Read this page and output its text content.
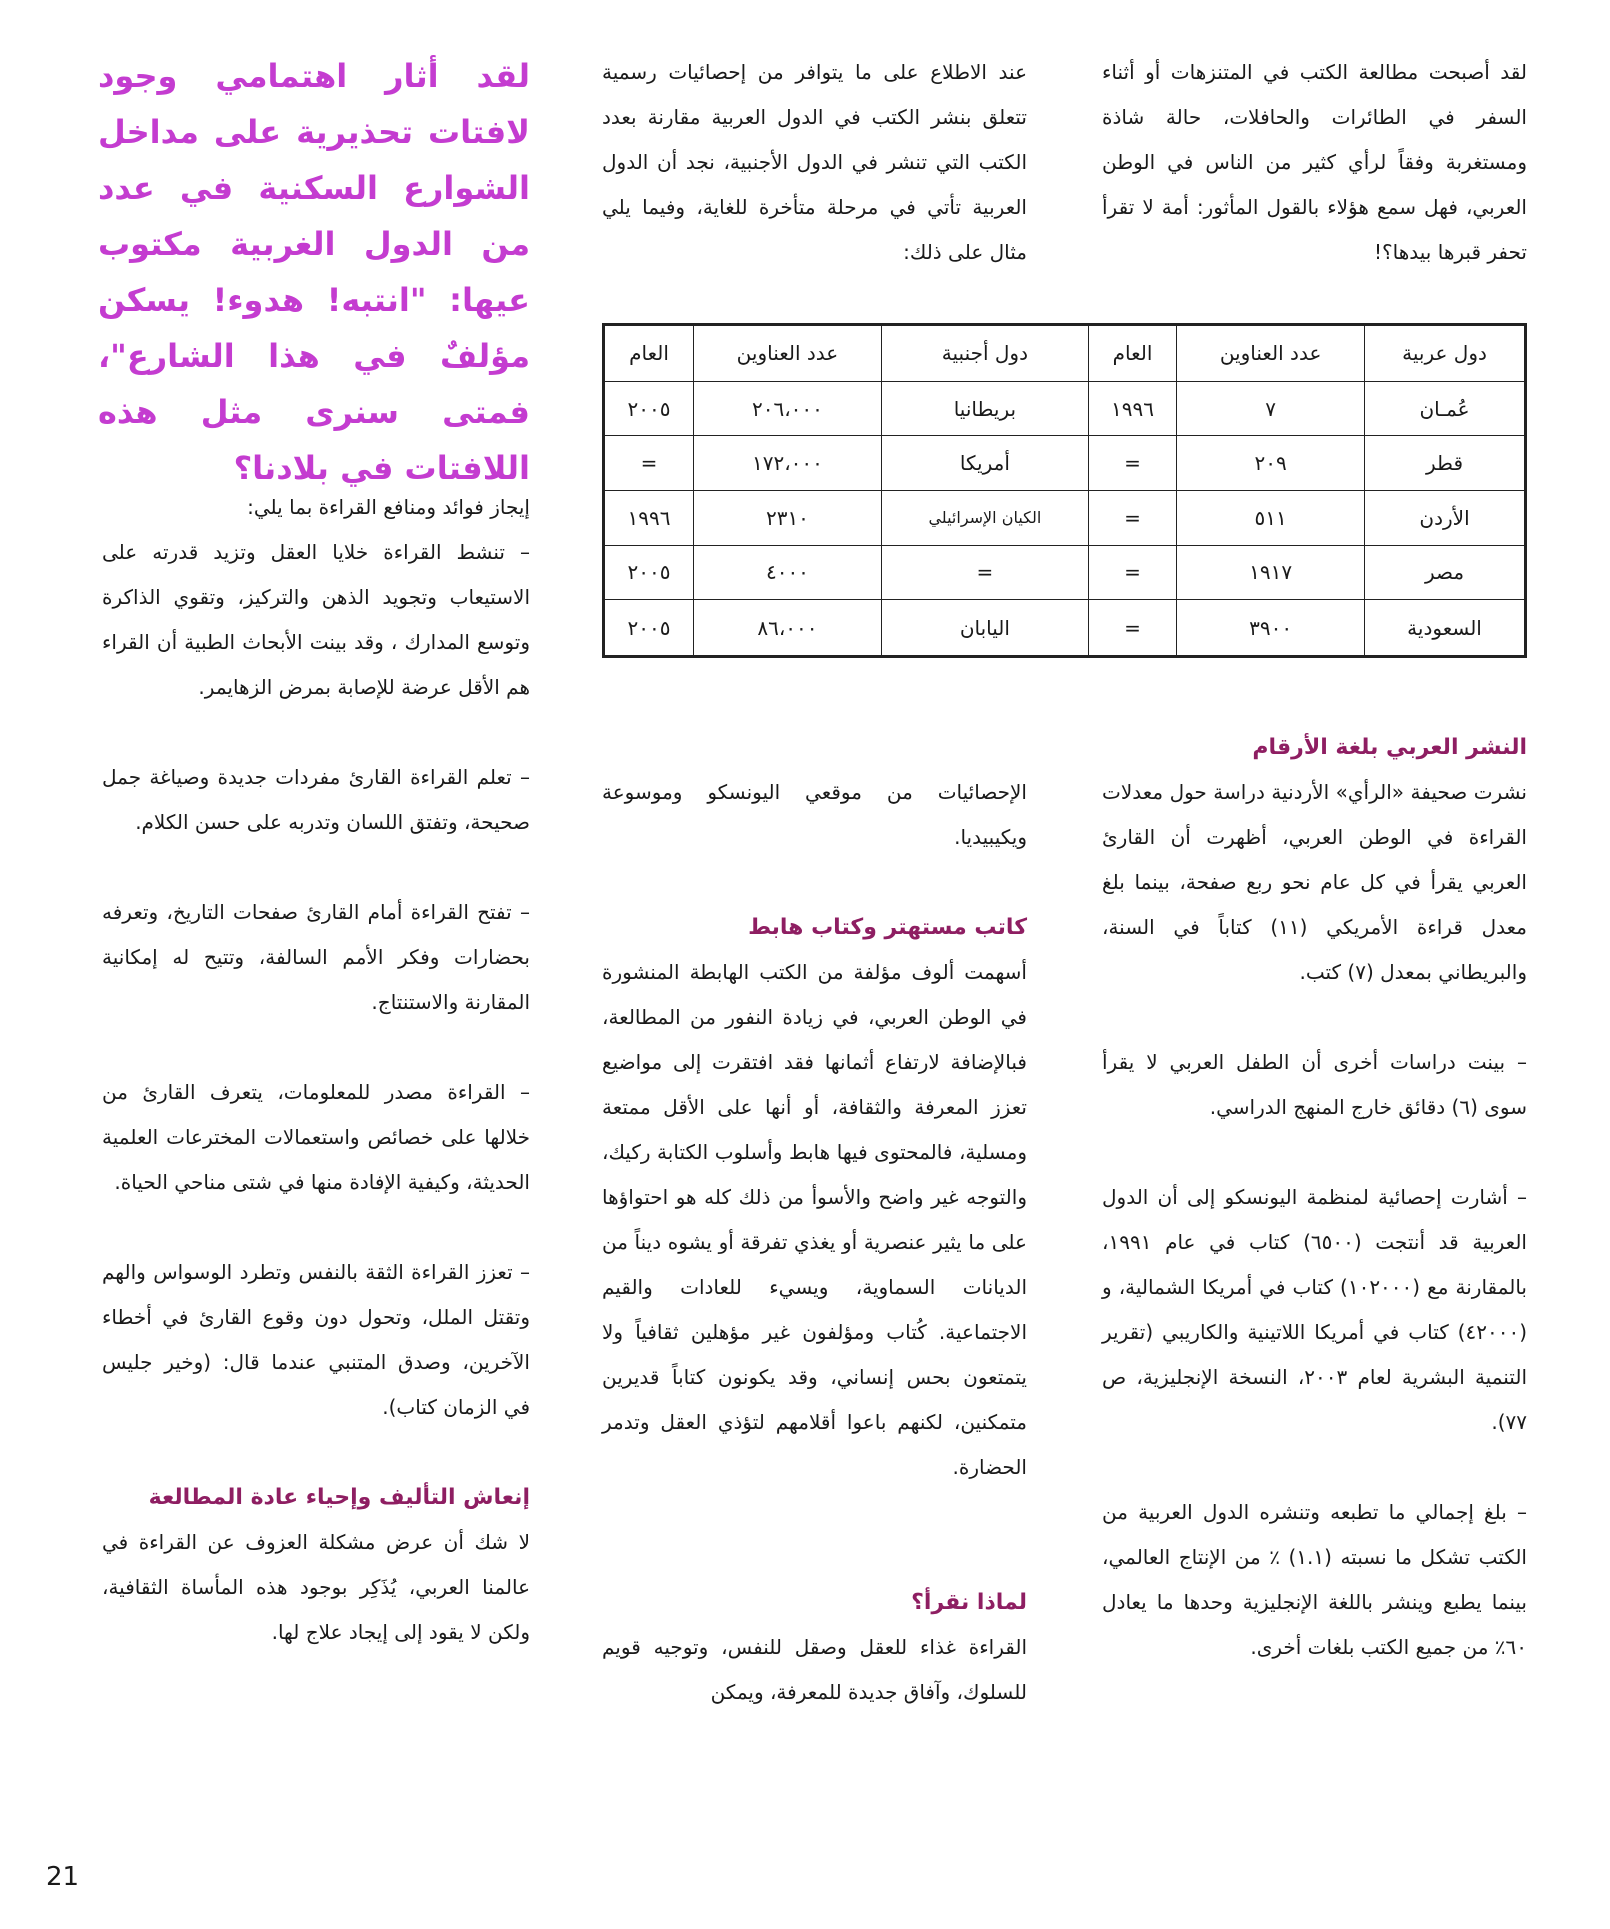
لقد أصبحت مطالعة الكتب في المتنزهات أو أثناء السفر في الطائرات والحافلات، حالة شاذة ومستغربة وفقاً لرأي كثير من الناس في الوطن العربي، فهل سمع هؤلاء بالقول المأثور: أمة لا تقرأ تحفر قبرها بيدها؟!

النشر العربي بلغة الأرقام

نشرت صحيفة «الرأي» الأردنية دراسة حول معدلات القراءة في الوطن العربي، أظهرت أن القارئ العربي يقرأ في كل عام نحو ربع صفحة، بينما بلغ معدل قراءة الأمريكي (١١) كتاباً في السنة، والبريطاني بمعدل (٧) كتب.

– بينت دراسات أخرى أن الطفل العربي لا يقرأ سوى (٦) دقائق خارج المنهج الدراسي.

– أشارت إحصائية لمنظمة اليونسكو إلى أن الدول العربية قد أنتجت (٦٥٠٠) كتاب في عام ١٩٩١، بالمقارنة مع (١٠٢٠٠٠) كتاب في أمريكا الشمالية، و (٤٢٠٠٠) كتاب في أمريكا اللاتينية والكاريبي (تقرير التنمية البشرية لعام ٢٠٠٣، النسخة الإنجليزية، ص ٧٧).

– بلغ إجمالي ما تطبعه وتنشره الدول العربية من الكتب تشكل ما نسبته (١.١) ٪ من الإنتاج العالمي، بينما يطبع وينشر باللغة الإنجليزية وحدها ما يعادل ٦٠٪ من جميع الكتب بلغات أخرى.

عند الاطلاع على ما يتوافر من إحصائيات رسمية تتعلق بنشر الكتب في الدول العربية مقارنة بعدد الكتب التي تنشر في الدول الأجنبية، نجد أن الدول العربية تأتي في مرحلة متأخرة للغاية، وفيما يلي مثال على ذلك:

الإحصائيات من موقعي اليونسكو وموسوعة ويكيبيديا.

كاتب مستهتر وكتاب هابط

أسهمت ألوف مؤلفة من الكتب الهابطة المنشورة في الوطن العربي، في زيادة النفور من المطالعة، فبالإضافة لارتفاع أثمانها فقد افتقرت إلى مواضيع تعزز المعرفة والثقافة، أو أنها على الأقل ممتعة ومسلية، فالمحتوى فيها هابط وأسلوب الكتابة ركيك، والتوجه غير واضح والأسوأ من ذلك كله هو احتواؤها على ما يثير عنصرية أو يغذي تفرقة أو يشوه ديناً من الديانات السماوية، ويسيء للعادات والقيم الاجتماعية. كُتاب ومؤلفون غير مؤهلين ثقافياً ولا يتمتعون بحس إنساني، وقد يكونون كتاباً قديرين متمكنين، لكنهم باعوا أقلامهم لتؤذي العقل وتدمر الحضارة.

لماذا نقرأ؟

القراءة غذاء للعقل وصقل للنفس، وتوجيه قويم للسلوك، وآفاق جديدة للمعرفة، ويمكن

دول عربية	عدد العناوين	العام	دول أجنبية	عدد العناوين	العام
عُمـان	٧	١٩٩٦	بريطانيا	٢٠٦،٠٠٠	٢٠٠٥
قطر	٢٠٩	=	أمريكا	١٧٢،٠٠٠	=
الأردن	٥١١	=	الكيان الإسرائيلي	٢٣١٠	١٩٩٦
مصر	١٩١٧	=	=	٤٠٠٠	٢٠٠٥
السعودية	٣٩٠٠	=	اليابان	٨٦،٠٠٠	٢٠٠٥

لقد أثار اهتمامي وجود لافتات تحذيرية على مداخل الشوارع السكنية في عدد من الدول الغربية مكتوب عيها: "انتبه! هدوء! يسكن مؤلفٌ في هذا الشارع"، فمتى سنرى مثل هذه اللافتات في بلادنا؟

إيجاز فوائد ومنافع القراءة بما يلي:

– تنشط القراءة خلايا العقل وتزيد قدرته على الاستيعاب وتجويد الذهن والتركيز، وتقوي الذاكرة وتوسع المدارك ، وقد بينت الأبحاث الطبية أن القراء هم الأقل عرضة للإصابة بمرض الزهايمر.

– تعلم القراءة القارئ مفردات جديدة وصياغة جمل صحيحة، وتفتق اللسان وتدربه على حسن الكلام.

– تفتح القراءة أمام القارئ صفحات التاريخ، وتعرفه بحضارات وفكر الأمم السالفة، وتتيح له إمكانية المقارنة والاستنتاج.

– القراءة مصدر للمعلومات، يتعرف القارئ من خلالها على خصائص واستعمالات المخترعات العلمية الحديثة، وكيفية الإفادة منها في شتى مناحي الحياة.

– تعزز القراءة الثقة بالنفس وتطرد الوسواس والهم وتقتل الملل، وتحول دون وقوع القارئ في أخطاء الآخرين، وصدق المتنبي عندما قال: (وخير جليس في الزمان كتاب).

إنعاش التأليف وإحياء عادة المطالعة

لا شك أن عرض مشكلة العزوف عن القراءة في عالمنا العربي، يُذَكِر بوجود هذه المأساة الثقافية، ولكن لا يقود إلى إيجاد علاج لها.

21
